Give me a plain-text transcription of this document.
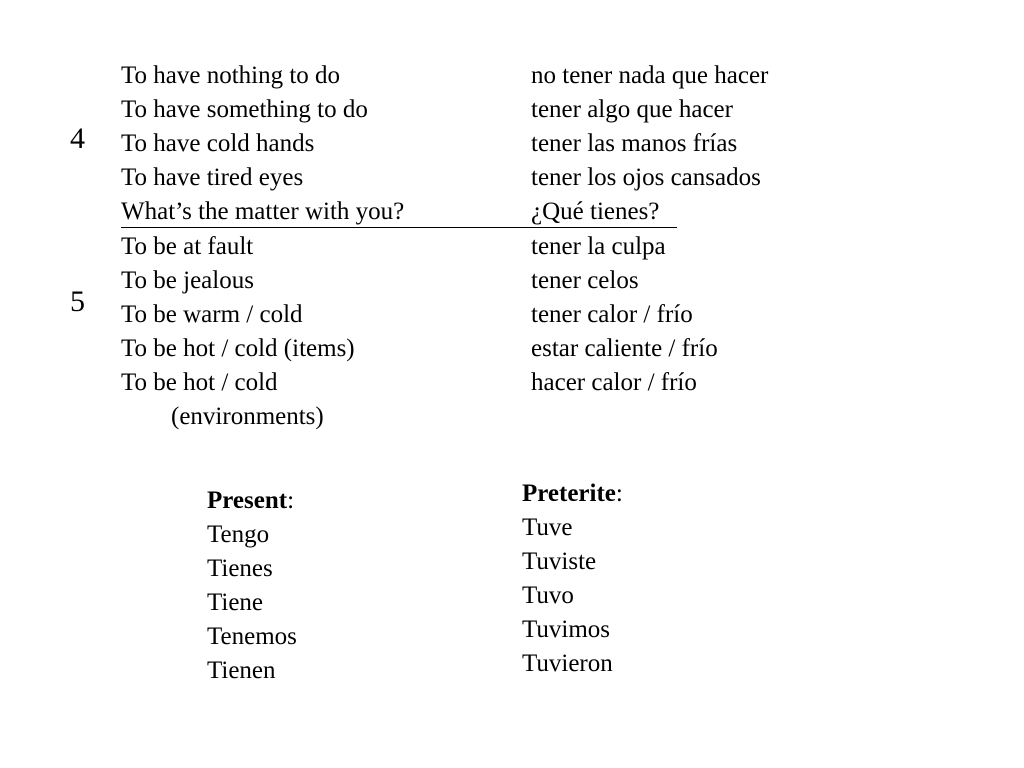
4
5
To have nothing to do	no tener nada que hacer
To have something to do	tener algo que hacer
To have cold hands	tener las manos frías
To have tired eyes	tener los ojos cansados
What’s the matter with you?	¿Qué tienes?
To be at fault	tener la culpa
To be jealous	tener celos
To be warm / cold	tener calor / frío
To be hot / cold (items)	estar caliente / frío
To be hot / cold	hacer calor / frío
(environments)
Present:
Tengo
Tienes
Tiene
Tenemos
Tienen
Preterite:
Tuve
Tuviste
Tuvo
Tuvimos
Tuvieron
